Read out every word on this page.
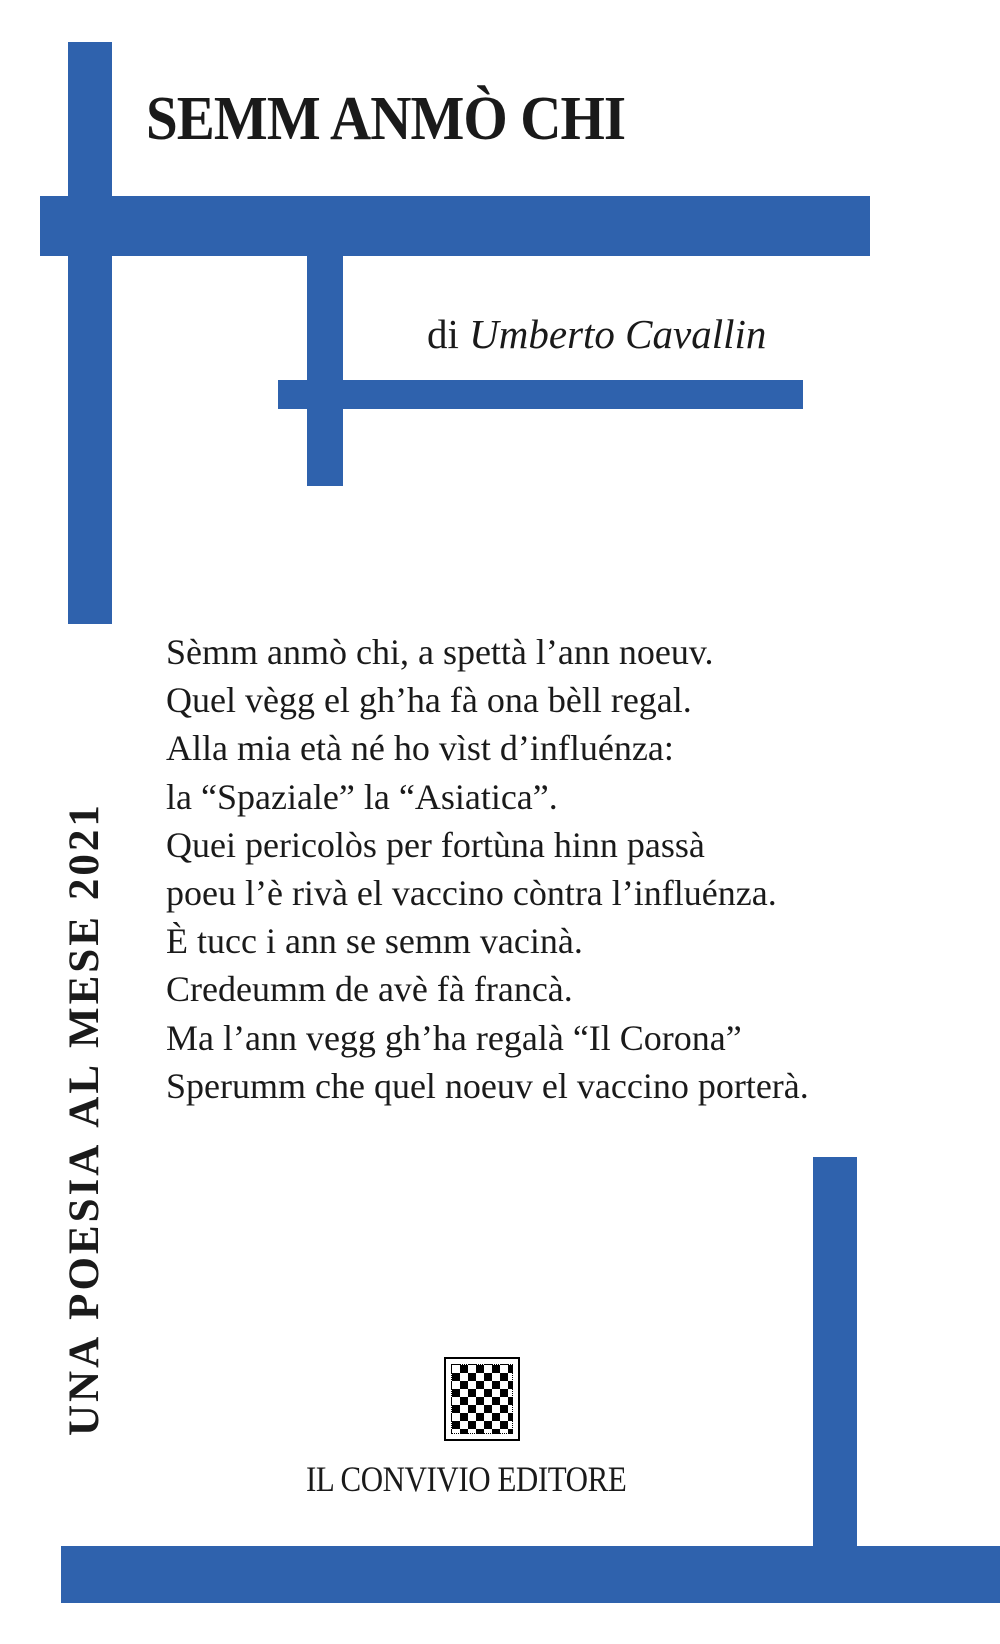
SEMM ANMÒ CHI
di Umberto Cavallin
Sèmm anmò chi, a spettà l’ann noeuv.
Quel vègg el gh’ha fà ona bèll regal.
Alla mia età né ho vìst d’influénza:
la “Spaziale” la “Asiatica”.
Quei pericolòs per fortùna hinn passà
poeu l’è rivà el vaccino còntra l’influénza.
È tucc i ann se semm vacinà.
Credeumm de avè fà francà.
Ma l’ann vegg gh’ha regalà “Il Corona”
Sperumm che quel noeuv el vaccino porterà.
UNAPOESIAALMESE2021
IL CONVIVIO EDITORE
